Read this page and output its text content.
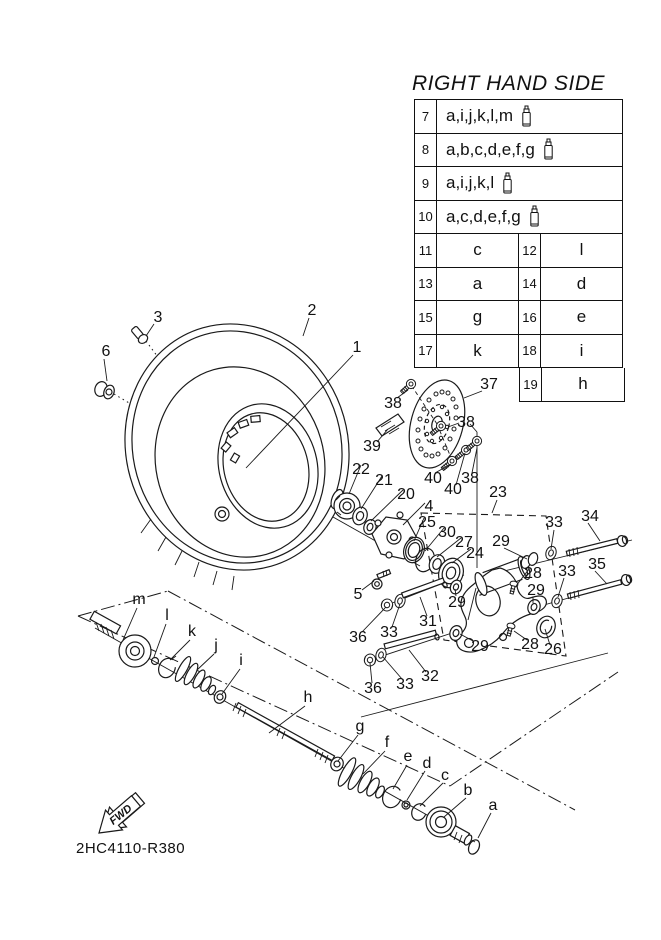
RIGHT HAND SIDE
7 a,i,j,k,l,m
8 a,b,c,d,e,f,g
9 a,i,j,k,l
10 a,c,d,e,f,g
11	c	12	l
13	a	14	d
15	g	16	e
17	k	18	i
19	h
1
2
3
6
37
38
38
38
39
40
40
22
21
20
4
25
30
27
24
23
29
29
29
29
33
33
33
33
34
35
28
28 26
5
36
36
31
32
m
l
k
j
i
h
g
f
e d
c
b
a
FWD
2HC4110-R380
